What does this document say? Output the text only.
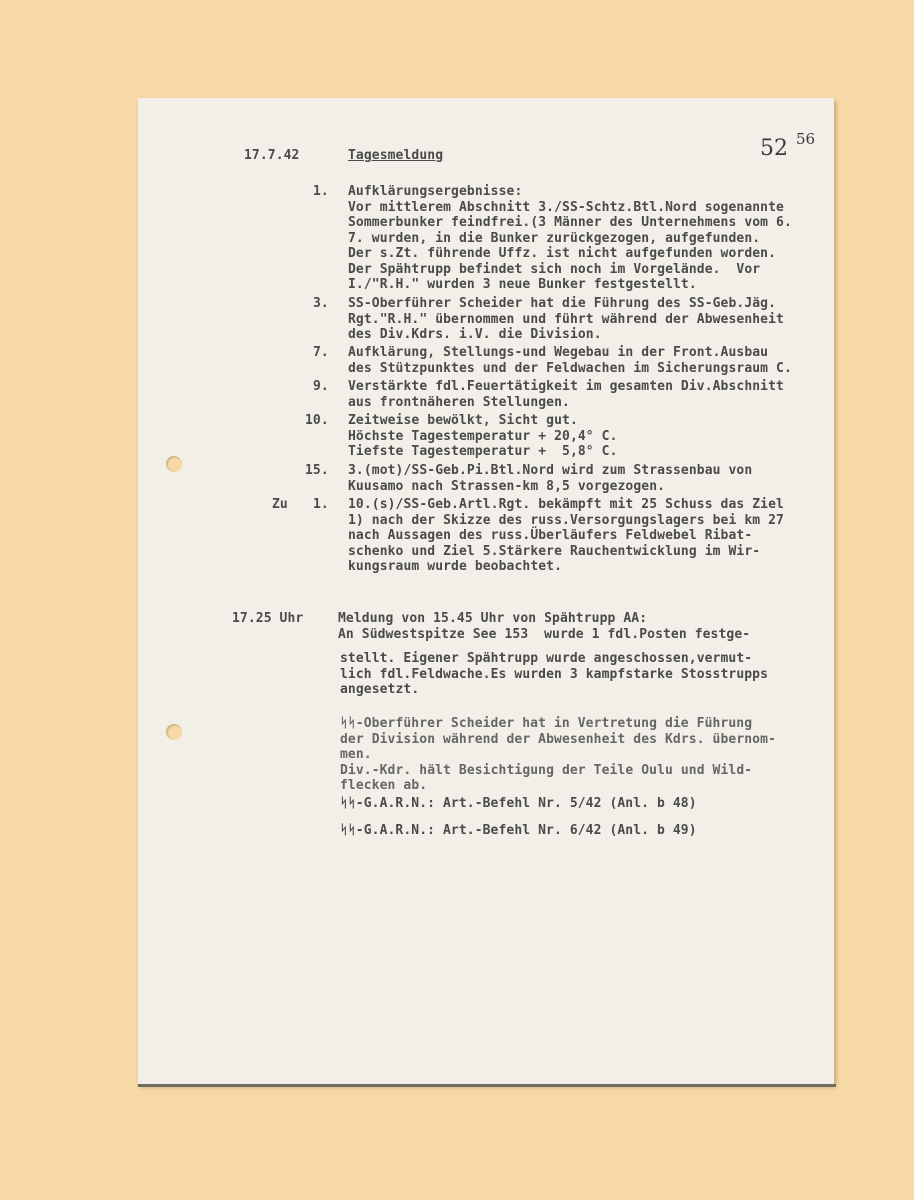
17.7.42	Tagesmeldung	52 56
1. Aufklärungsergebnisse:
Vor mittlerem Abschnitt 3./SS-Schtz.Btl.Nord sogenannte
Sommerbunker feindfrei.(3 Männer des Unternehmens vom 6.
7. wurden, in die Bunker zurückgezogen, aufgefunden.
Der s.Zt. führende Uffz. ist nicht aufgefunden worden.
Der Spähtrupp befindet sich noch im Vorgelände.  Vor
I./"R.H." wurden 3 neue Bunker festgestellt.
3. SS-Oberführer Scheider hat die Führung des SS-Geb.Jäg.
Rgt."R.H." übernommen und führt während der Abwesenheit
des Div.Kdrs. i.V. die Division.
7. Aufklärung, Stellungs-und Wegebau in der Front.Ausbau
des Stützpunktes und der Feldwachen im Sicherungsraum C.
9. Verstärkte fdl.Feuertätigkeit im gesamten Div.Abschnitt
aus frontnäheren Stellungen.
10. Zeitweise bewölkt, Sicht gut.
Höchste Tagestemperatur + 20,4° C.
Tiefste Tagestemperatur +  5,8° C.
15. 3.(mot)/SS-Geb.Pi.Btl.Nord wird zum Strassenbau von
Kuusamo nach Strassen-km 8,5 vorgezogen.
Zu 1. 10.(s)/SS-Geb.Artl.Rgt. bekämpft mit 25 Schuss das Ziel
1) nach der Skizze des russ.Versorgungslagers bei km 27
nach Aussagen des russ.Überläufers Feldwebel Ribat-
schenko und Ziel 5.Stärkere Rauchentwicklung im Wir-
kungsraum wurde beobachtet.
17.25 Uhr	Meldung von 15.45 Uhr von Spähtrupp AA:
An Südwestspitze See 153  wurde 1 fdl.Posten festge-
stellt. Eigener Spähtrupp wurde angeschossen,vermut-
lich fdl.Feldwache.Es wurden 3 kampfstarke Stosstrupps
angesetzt.
ᛋᛋ-Oberführer Scheider hat in Vertretung die Führung
der Division während der Abwesenheit des Kdrs. übernom-
men.
Div.-Kdr. hält Besichtigung der Teile Oulu und Wild-
flecken ab.
ᛋᛋ-G.A.R.N.: Art.-Befehl Nr. 5/42 (Anl. b 48)
ᛋᛋ-G.A.R.N.: Art.-Befehl Nr. 6/42 (Anl. b 49)
